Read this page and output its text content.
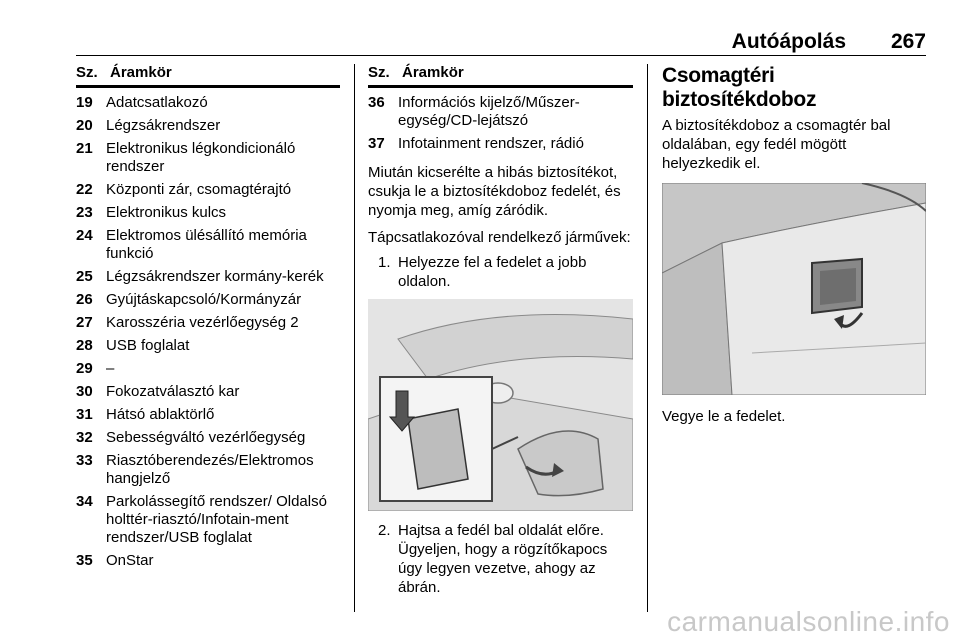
Autóápolás 267
Sz. Áramkör
19 Adatcsatlakozó
20 Légzsákrendszer
21 Elektronikus légkondicionáló rendszer
22 Központi zár, csomagtérajtó
23 Elektronikus kulcs
24 Elektromos ülésállító memória funkció
25 Légzsákrendszer kormány-kerék
26 Gyújtáskapcsoló/Kormányzár
27 Karosszéria vezérlőegység 2
28 USB foglalat
29 –
30 Fokozatválasztó kar
31 Hátsó ablaktörlő
32 Sebességváltó vezérlőegység
33 Riasztóberendezés/Elektromos hangjelző
34 Parkolássegítő rendszer/ Oldalsó holttér-riasztó/Infotain-ment rendszer/USB foglalat
35 OnStar
Sz. Áramkör
36 Információs kijelző/Műszer-egység/CD-lejátszó
37 Infotainment rendszer, rádió
Miután kicserélte a hibás biztosítékot, csukja le a biztosítékdoboz fedelét, és nyomja meg, amíg záródik.
Tápcsatlakozóval rendelkező járművek:
1. Helyezze fel a fedelet a jobb oldalon.
2. Hajtsa a fedél bal oldalát előre. Ügyeljen, hogy a rögzítőkapocs úgy legyen vezetve, ahogy az ábrán.
Csomagtéri biztosítékdoboz
A biztosítékdoboz a csomagtér bal oldalában, egy fedél mögött helyezkedik el.
Vegye le a fedelet.
carmanualsonline.info
